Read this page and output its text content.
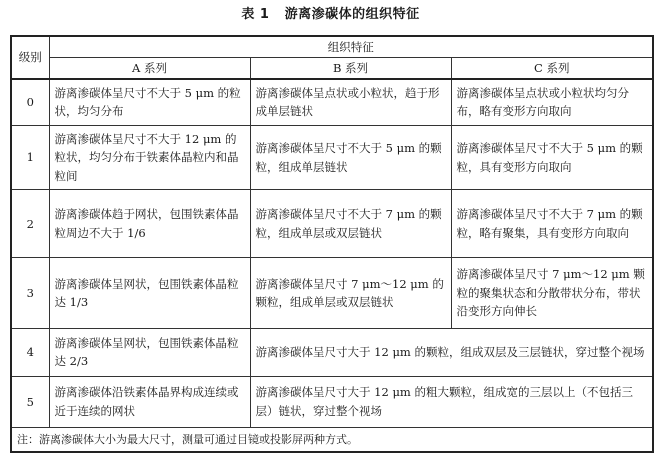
表 1 游离渗碳体的组织特征
级别	组织特征		
	A 系列	B 系列	C 系列
0	游离渗碳体呈尺寸不大于 5 μm 的粒状，均匀分布	游离渗碳体呈点状或小粒状，趋于形成单层链状	游离渗碳体呈点状或小粒状均匀分布，略有变形方向取向
1	游离渗碳体呈尺寸不大于 12 μm 的粒状，均匀分布于铁素体晶粒内和晶粒间	游离渗碳体呈尺寸不大于 5 μm 的颗粒，组成单层链状	游离渗碳体呈尺寸不大于 5 μm 的颗粒，具有变形方向取向
2	游离渗碳体趋于网状，包围铁素体晶粒周边不大于 1/6	游离渗碳体呈尺寸不大于 7 μm 的颗粒，组成单层或双层链状	游离渗碳体呈尺寸不大于 7 μm 的颗粒，略有聚集，具有变形方向取向
3	游离渗碳体呈网状，包围铁素体晶粒达 1/3	游离渗碳体呈尺寸 7 μm～12 μm 的颗粒，组成单层或双层链状	游离渗碳体呈尺寸 7 μm～12 μm 颗粒的聚集状态和分散带状分布，带状沿变形方向伸长
4	游离渗碳体呈网状，包围铁素体晶粒达 2/3	游离渗碳体呈尺寸大于 12 μm 的颗粒，组成双层及三层链状，穿过整个视场	
5	游离渗碳体沿铁素体晶界构成连续或近于连续的网状	游离渗碳体呈尺寸大于 12 μm 的粗大颗粒，组成宽的三层以上（不包括三层）链状，穿过整个视场	
注：游离渗碳体大小为最大尺寸，测量可通过目镜或投影屏两种方式。			
